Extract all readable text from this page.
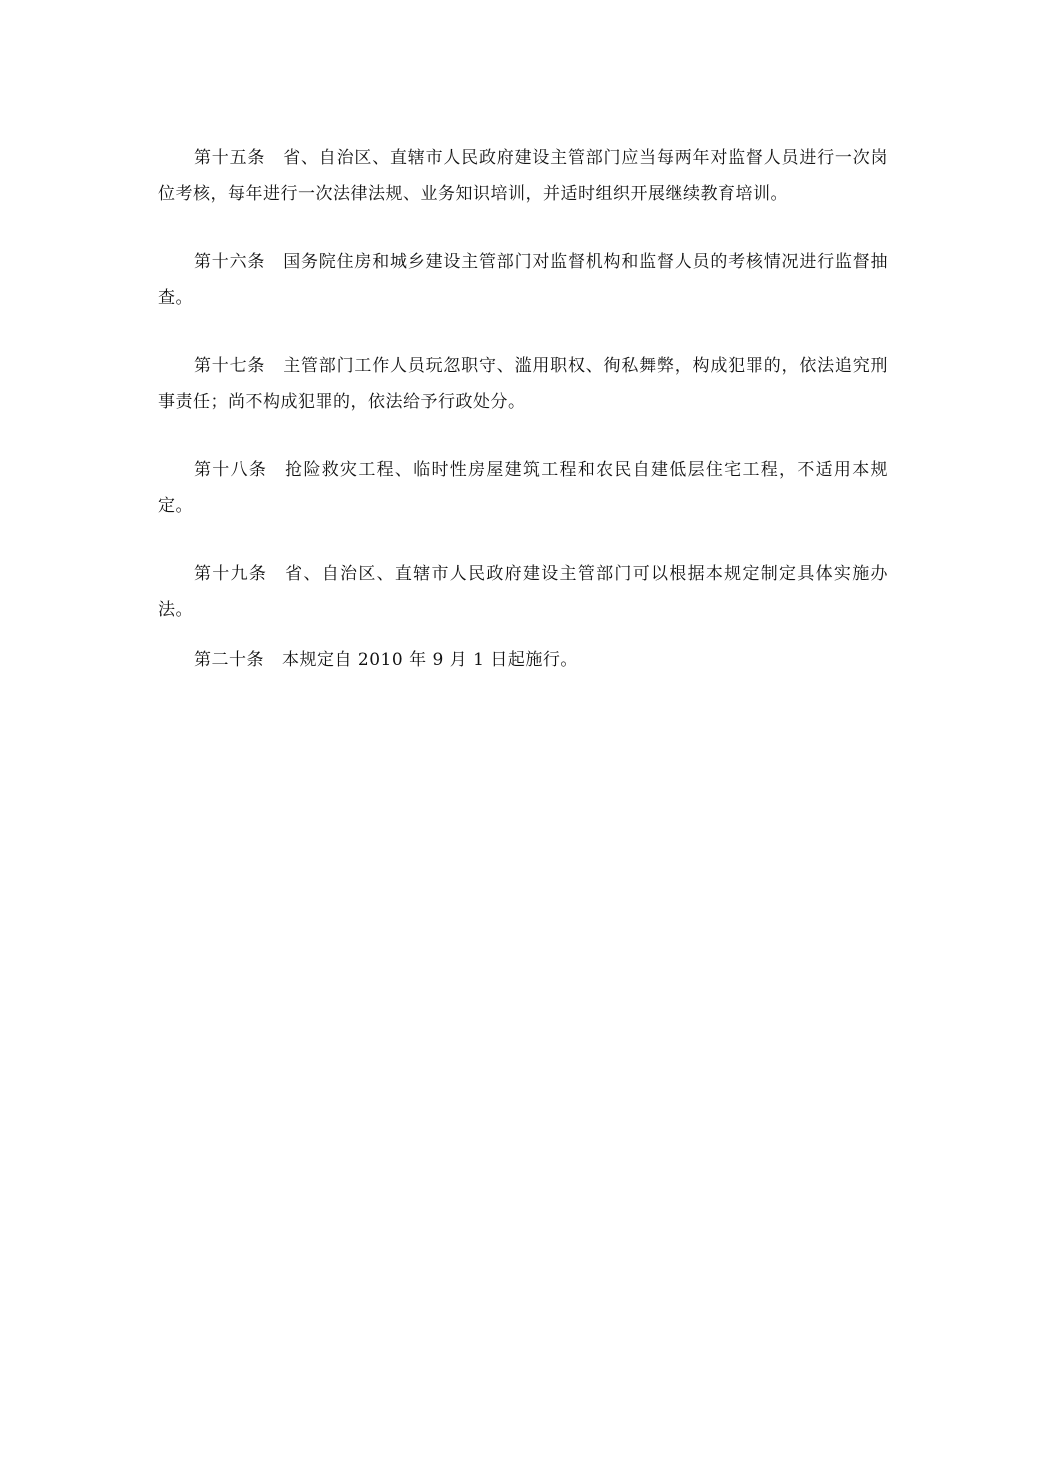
第十五条 省、自治区、直辖市人民政府建设主管部门应当每两年对监督人员进行一次岗位考核，每年进行一次法律法规、业务知识培训，并适时组织开展继续教育培训。

第十六条 国务院住房和城乡建设主管部门对监督机构和监督人员的考核情况进行监督抽查。

第十七条 主管部门工作人员玩忽职守、滥用职权、徇私舞弊，构成犯罪的，依法追究刑事责任；尚不构成犯罪的，依法给予行政处分。

第十八条 抢险救灾工程、临时性房屋建筑工程和农民自建低层住宅工程，不适用本规定。

第十九条 省、自治区、直辖市人民政府建设主管部门可以根据本规定制定具体实施办法。

第二十条 本规定自 2010 年 9 月 1 日起施行。
